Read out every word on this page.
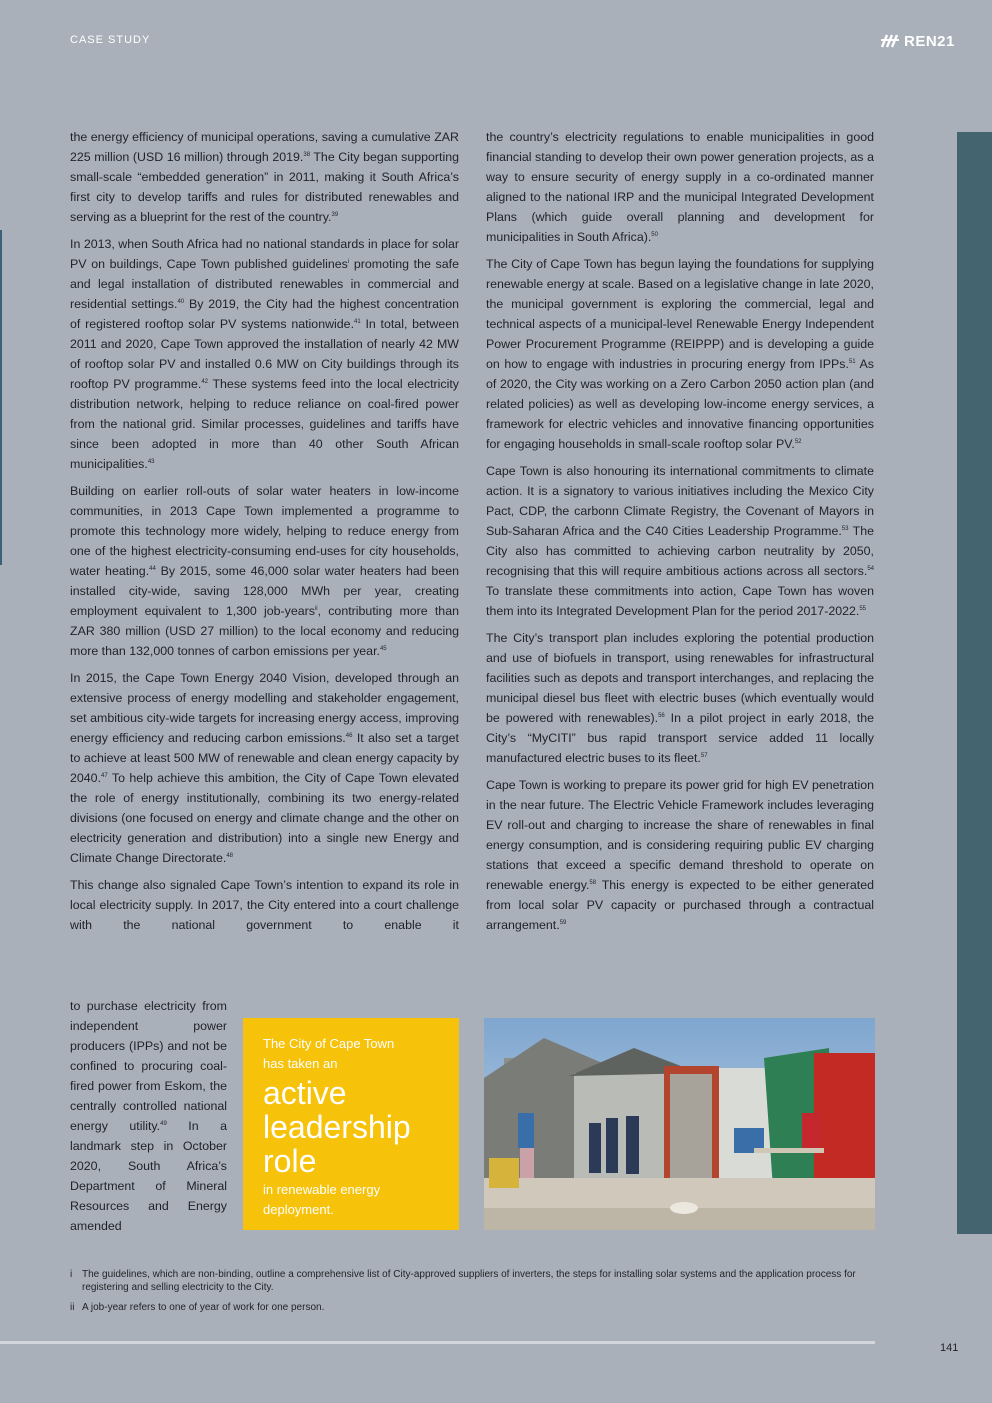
CASE STUDY	REN21

the energy efficiency of municipal operations, saving a cumulative ZAR 225 million (USD 16 million) through 2019.38 The City began supporting small-scale “embedded generation” in 2011, making it South Africa’s first city to develop tariffs and rules for distributed renewables and serving as a blueprint for the rest of the country.$^{39}$

In 2013, when South Africa had no national standards in place for solar PV on buildings, Cape Town published guidelines$^i$ promoting the safe and legal installation of distributed renewables in commercial and residential settings.$^{40}$ By 2019, the City had the highest concentration of registered rooftop solar PV systems nationwide.$^{41}$ In total, between 2011 and 2020, Cape Town approved the installation of nearly 42 MW of rooftop solar PV and installed 0.6 MW on City buildings through its rooftop PV programme.$^{42}$ These systems feed into the local electricity distribution network, helping to reduce reliance on coal-fired power from the national grid. Similar processes, guidelines and tariffs have since been adopted in more than 40 other South African municipalities.$^{43}$

Building on earlier roll-outs of solar water heaters in low-income communities, in 2013 Cape Town implemented a programme to promote this technology more widely, helping to reduce energy from one of the highest electricity-consuming end-uses for city households, water heating.$^{44}$ By 2015, some 46,000 solar water heaters had been installed city-wide, saving 128,000 MWh per year, creating employment equivalent to 1,300 job-years$^{ii}$, contributing more than ZAR 380 million (USD 27 million) to the local economy and reducing more than 132,000 tonnes of carbon emissions per year.$^{45}$

In 2015, the Cape Town Energy 2040 Vision, developed through an extensive process of energy modelling and stakeholder engagement, set ambitious city-wide targets for increasing energy access, improving energy efficiency and reducing carbon emissions.$^{46}$ It also set a target to achieve at least 500 MW of renewable and clean energy capacity by 2040.47 To help achieve this ambition, the City of Cape Town elevated the role of energy institutionally, combining its two energy-related divisions (one focused on energy and climate change and the other on electricity generation and distribution) into a single new Energy and Climate Change Directorate.$^{48}$

This change also signaled Cape Town’s intention to expand its role in local electricity supply. In 2017, the City entered into a court challenge with the national government to enable it

to purchase electricity from independent power producers (IPPs) and not be confined to procuring coal-fired power from Eskom, the centrally controlled national energy utility.$^{49}$ In a landmark step in October 2020, South Africa’s Department of Mineral Resources and Energy amended

The City of Cape Town
has taken an
active
leadership
role
in renewable energy
deployment.

the country’s electricity regulations to enable municipalities in good financial standing to develop their own power generation projects, as a way to ensure security of energy supply in a co-ordinated manner aligned to the national IRP and the municipal Integrated Development Plans (which guide overall planning and development for municipalities in South Africa).$^{50}$

The City of Cape Town has begun laying the foundations for supplying renewable energy at scale. Based on a legislative change in late 2020, the municipal government is exploring the commercial, legal and technical aspects of a municipal-level Renewable Energy Independent Power Procurement Programme (REIPPP) and is developing a guide on how to engage with industries in procuring energy from IPPs.$^{51}$ As of 2020, the City was working on a Zero Carbon 2050 action plan (and related policies) as well as developing low-income energy services, a framework for electric vehicles and innovative financing opportunities for engaging households in small-scale rooftop solar PV.$^{52}$

Cape Town is also honouring its international commitments to climate action. It is a signatory to various initiatives including the Mexico City Pact, CDP, the carbonn Climate Registry, the Covenant of Mayors in Sub-Saharan Africa and the C40 Cities Leadership Programme.$^{53}$ The City also has committed to achieving carbon neutrality by 2050, recognising that this will require ambitious actions across all sectors.$^{54}$ To translate these commitments into action, Cape Town has woven them into its Integrated Development Plan for the period 2017-2022.55

The City’s transport plan includes exploring the potential production and use of biofuels in transport, using renewables for infrastructural facilities such as depots and transport interchanges, and replacing the municipal diesel bus fleet with electric buses (which eventually would be powered with renewables).$^{56}$ In a pilot project in early 2018, the City’s “MyCITI” bus rapid transport service added 11 locally manufactured electric buses to its fleet.$^{57}$

Cape Town is working to prepare its power grid for high EV penetration in the near future. The Electric Vehicle Framework includes leveraging EV roll-out and charging to increase the share of renewables in final energy consumption, and is considering requiring public EV charging stations that exceed a specific demand threshold to operate on renewable energy.$^{58}$ This energy is expected to be either generated from local solar PV capacity or purchased through a contractual arrangement.$^{59}$

i The guidelines, which are non-binding, outline a comprehensive list of City-approved suppliers of inverters, the steps for installing solar systems and the application process for registering and selling electricity to the City.
ii A job-year refers to one of year of work for one person.
141
